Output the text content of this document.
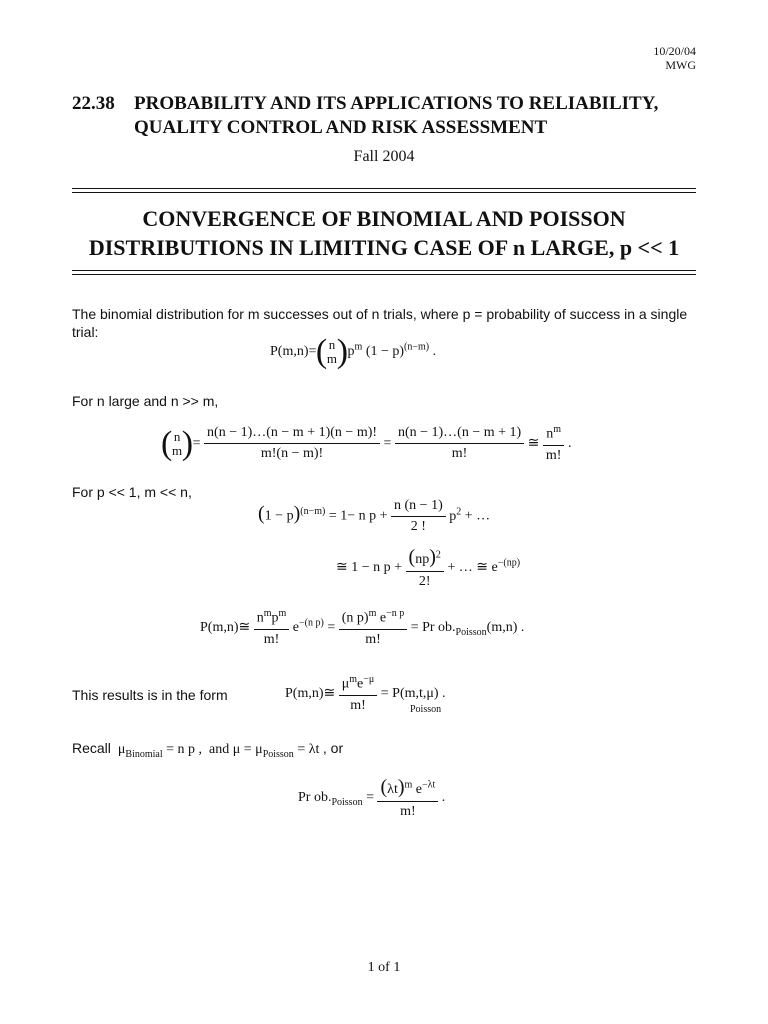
10/20/04
MWG
22.38 PROBABILITY AND ITS APPLICATIONS TO RELIABILITY,
QUALITY CONTROL AND RISK ASSESSMENT
Fall 2004
CONVERGENCE OF BINOMIAL AND POISSON
DISTRIBUTIONS IN LIMITING CASE OF n LARGE, p << 1
The binomial distribution for m successes out of n trials, where p = probability of success in a single trial:
P(m,n)=
( n
m
) $p^m$ $(1 - p)^{(n-m)}$ .
For n large and n >> m,
( n
m
) = $\frac{n(n - 1)\dots(n - m + 1)(n - m)!}{m!(n - m)!} = \frac{n(n - 1)\dots(n - m + 1)}{m!}$ ≅ $\frac{n^m}{m!}$ .
For p << 1, m << n,
$(1 - p)^{(n-m)} = 1- n$ $p + \frac{n (n - 1)}{2 !} p^2$ + …
≅ 1 − n $p + \frac{(np)^2}{2!}$ + … ≅ $e^{-(np)}$
P(m,n)≅ $\frac{n^mp^m}{m!} e^{-(n p)} = \frac{(n p)^m e^{-n p}}{m!} = Pr$ $ob._{Poisson}(m,n)$ .
This results is in the form	P(m,n)≅ $\frac{\mu^me^{-\mu}}{m!} = P(m,t,\mu)$ .
Poisson
Recall  $\mu_{Binomial} = n$ p ,  and $\mu = \mu_{Poisson} = \lambda t$ , or
Pr $ob._{Poisson} = \frac{(\lambda t)^m e^{-\lambda t}}{m!}$ .
1 of 1
